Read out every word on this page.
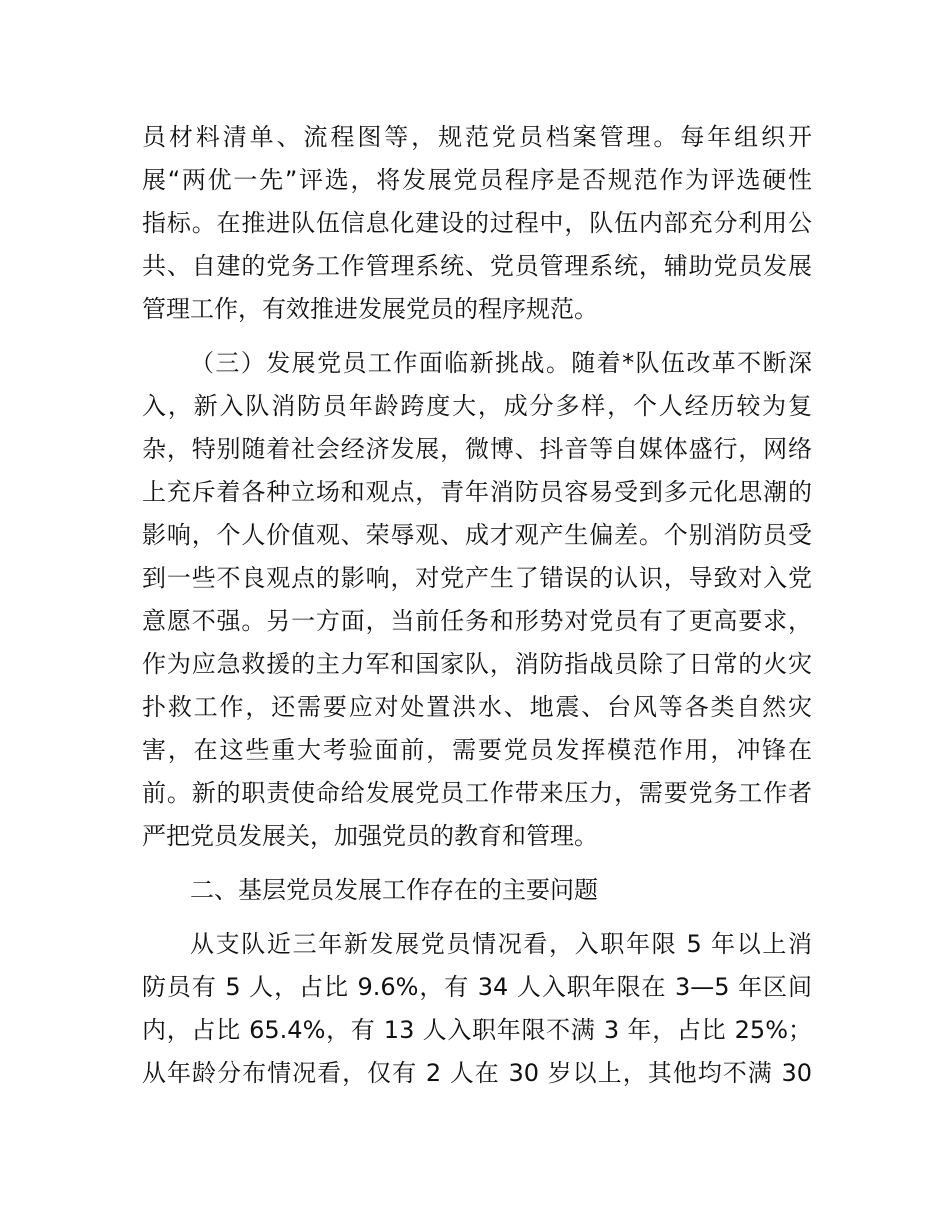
员材料清单、流程图等，规范党员档案管理。每年组织开
展“两优一先”评选，将发展党员程序是否规范作为评选硬性
指标。在推进队伍信息化建设的过程中，队伍内部充分利用公
共、自建的党务工作管理系统、党员管理系统，辅助党员发展
管理工作，有效推进发展党员的程序规范。
（三）发展党员工作面临新挑战。随着*队伍改革不断深
入，新入队消防员年龄跨度大，成分多样，个人经历较为复
杂，特别随着社会经济发展，微博、抖音等自媒体盛行，网络
上充斥着各种立场和观点，青年消防员容易受到多元化思潮的
影响，个人价值观、荣辱观、成才观产生偏差。个别消防员受
到一些不良观点的影响，对党产生了错误的认识，导致对入党
意愿不强。另一方面，当前任务和形势对党员有了更高要求，
作为应急救援的主力军和国家队，消防指战员除了日常的火灾
扑救工作，还需要应对处置洪水、地震、台风等各类自然灾
害，在这些重大考验面前，需要党员发挥模范作用，冲锋在
前。新的职责使命给发展党员工作带来压力，需要党务工作者
严把党员发展关，加强党员的教育和管理。
二、基层党员发展工作存在的主要问题
从支队近三年新发展党员情况看，入职年限 5 年以上消
防员有 5 人，占比 9.6%，有 34 人入职年限在 3—5 年区间
内，占比 65.4%，有 13 人入职年限不满 3 年，占比 25%；
从年龄分布情况看，仅有 2 人在 30 岁以上，其他均不满 30
